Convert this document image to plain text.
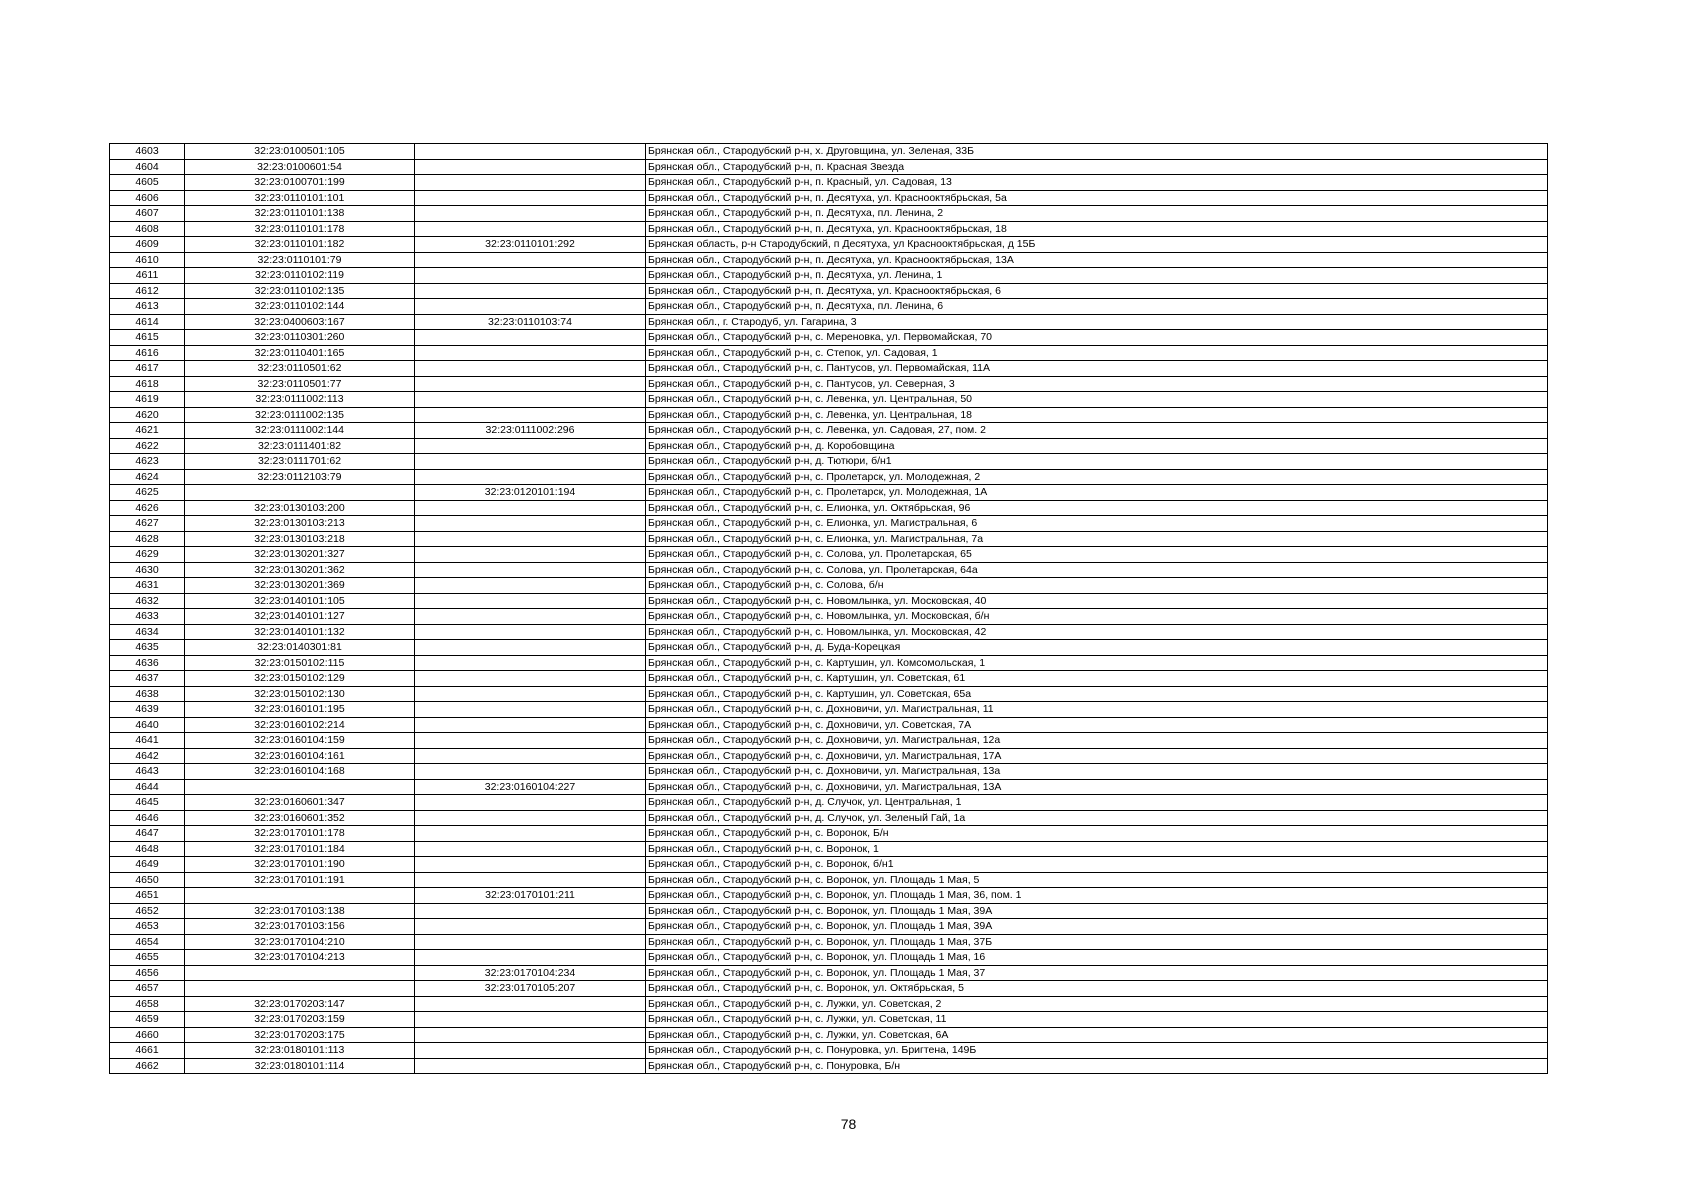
4603	32:23:0100501:105		Брянская обл., Стародубский р-н, х. Друговщина, ул. Зеленая, 33Б
4604	32:23:0100601:54		Брянская обл., Стародубский р-н, п. Красная Звезда
4605	32:23:0100701:199		Брянская обл., Стародубский р-н, п. Красный, ул. Садовая, 13
4606	32:23:0110101:101		Брянская обл., Стародубский р-н, п. Десятуха, ул. Краснооктябрьская, 5а
4607	32:23:0110101:138		Брянская обл., Стародубский р-н, п. Десятуха, пл. Ленина, 2
4608	32:23:0110101:178		Брянская обл., Стародубский р-н, п. Десятуха, ул. Краснооктябрьская, 18
4609	32:23:0110101:182	32:23:0110101:292	Брянская область, р-н Стародубский, п Десятуха, ул Краснооктябрьская, д 15Б
4610	32:23:0110101:79		Брянская обл., Стародубский р-н, п. Десятуха, ул. Краснооктябрьская, 13А
4611	32:23:0110102:119		Брянская обл., Стародубский р-н, п. Десятуха, ул. Ленина, 1
4612	32:23:0110102:135		Брянская обл., Стародубский р-н, п. Десятуха, ул. Краснооктябрьская, 6
4613	32:23:0110102:144		Брянская обл., Стародубский р-н, п. Десятуха, пл. Ленина, 6
4614	32:23:0400603:167	32:23:0110103:74	Брянская обл., г. Стародуб, ул. Гагарина, 3
4615	32:23:0110301:260		Брянская обл., Стародубский р-н, с. Мереновка, ул. Первомайская, 70
4616	32:23:0110401:165		Брянская обл., Стародубский р-н, с. Степок, ул. Садовая, 1
4617	32:23:0110501:62		Брянская обл., Стародубский р-н, с. Пантусов, ул. Первомайская, 11А
4618	32:23:0110501:77		Брянская обл., Стародубский р-н, с. Пантусов, ул. Северная, 3
4619	32:23:0111002:113		Брянская обл., Стародубский р-н, с. Левенка, ул. Центральная, 50
4620	32:23:0111002:135		Брянская обл., Стародубский р-н, с. Левенка, ул. Центральная, 18
4621	32:23:0111002:144	32:23:0111002:296	Брянская обл., Стародубский р-н, с. Левенка, ул. Садовая, 27, пом. 2
4622	32:23:0111401:82		Брянская обл., Стародубский р-н, д. Коробовщина
4623	32:23:0111701:62		Брянская обл., Стародубский р-н, д. Тютюри, б/н1
4624	32:23:0112103:79		Брянская обл., Стародубский р-н, с. Пролетарск, ул. Молодежная, 2
4625		32:23:0120101:194	Брянская обл., Стародубский р-н, с. Пролетарск, ул. Молодежная, 1А
4626	32:23:0130103:200		Брянская обл., Стародубский р-н, с. Елионка, ул. Октябрьская, 96
4627	32:23:0130103:213		Брянская обл., Стародубский р-н, с. Елионка, ул. Магистральная, 6
4628	32:23:0130103:218		Брянская обл., Стародубский р-н, с. Елионка, ул. Магистральная, 7а
4629	32:23:0130201:327		Брянская обл., Стародубский р-н, с. Солова, ул. Пролетарская, 65
4630	32:23:0130201:362		Брянская обл., Стародубский р-н, с. Солова, ул. Пролетарская, 64а
4631	32:23:0130201:369		Брянская обл., Стародубский р-н, с. Солова, б/н
4632	32:23:0140101:105		Брянская обл., Стародубский р-н, с. Новомлынка, ул. Московская, 40
4633	32;23:0140101:127		Брянская обл., Стародубский р-н, с. Новомлынка, ул. Московская, б/н
4634	32:23:0140101:132		Брянская обл., Стародубский р-н, с. Новомлынка, ул. Московская, 42
4635	32:23:0140301:81		Брянская обл., Стародубский р-н, д. Буда-Корецкая
4636	32:23:0150102:115		Брянская обл., Стародубский р-н, с. Картушин, ул. Комсомольская, 1
4637	32:23:0150102:129		Брянская обл., Стародубский р-н, с. Картушин, ул. Советская, 61
4638	32:23:0150102:130		Брянская обл., Стародубский р-н, с. Картушин, ул. Советская, 65а
4639	32:23:0160101:195		Брянская обл., Стародубский р-н, с. Дохновичи, ул. Магистральная, 11
4640	32:23:0160102:214		Брянская обл., Стародубский р-н, с. Дохновичи, ул. Советская, 7А
4641	32:23:0160104:159		Брянская обл., Стародубский р-н, с. Дохновичи, ул. Магистральная, 12а
4642	32:23:0160104:161		Брянская обл., Стародубский р-н, с. Дохновичи, ул. Магистральная, 17А
4643	32:23:0160104:168		Брянская обл., Стародубский р-н, с. Дохновичи, ул. Магистральная, 13а
4644		32:23:0160104:227	Брянская обл., Стародубский р-н, с. Дохновичи, ул. Магистральная, 13А
4645	32:23:0160601:347		Брянская обл., Стародубский р-н, д. Случок, ул. Центральная, 1
4646	32:23:0160601:352		Брянская обл., Стародубский р-н, д. Случок, ул. Зеленый Гай, 1а
4647	32:23:0170101:178		Брянская обл., Стародубский р-н, с. Воронок, Б/н
4648	32:23:0170101:184		Брянская обл., Стародубский р-н, с. Воронок, 1
4649	32:23:0170101:190		Брянская обл., Стародубский р-н, с. Воронок, б/н1
4650	32:23:0170101:191		Брянская обл., Стародубский р-н, с. Воронок, ул. Площадь 1 Мая, 5
4651		32:23:0170101:211	Брянская обл., Стародубский р-н, с. Воронок, ул. Площадь 1 Мая, 36, пом. 1
4652	32:23:0170103:138		Брянская обл., Стародубский р-н, с. Воронок, ул. Площадь 1 Мая, 39А
4653	32:23:0170103:156		Брянская обл., Стародубский р-н, с. Воронок, ул. Площадь 1 Мая, 39А
4654	32:23:0170104:210		Брянская обл., Стародубский р-н, с. Воронок, ул. Площадь 1 Мая, 37Б
4655	32:23:0170104:213		Брянская обл., Стародубский р-н, с. Воронок, ул. Площадь 1 Мая, 16
4656		32:23:0170104:234	Брянская обл., Стародубский р-н, с. Воронок, ул. Площадь 1 Мая, 37
4657		32:23:0170105:207	Брянская обл., Стародубский р-н, с. Воронок, ул. Октябрьская, 5
4658	32:23:0170203:147		Брянская обл., Стародубский р-н, с. Лужки, ул. Советская, 2
4659	32:23:0170203:159		Брянская обл., Стародубский р-н, с. Лужки, ул. Советская, 11
4660	32:23:0170203:175		Брянская обл., Стародубский р-н, с. Лужки, ул. Советская, 6А
4661	32:23:0180101:113		Брянская обл., Стародубский р-н, с. Понуровка, ул. Бригтена, 149Б
4662	32:23:0180101:114		Брянская обл., Стародубский р-н, с. Понуровка, Б/н
78
